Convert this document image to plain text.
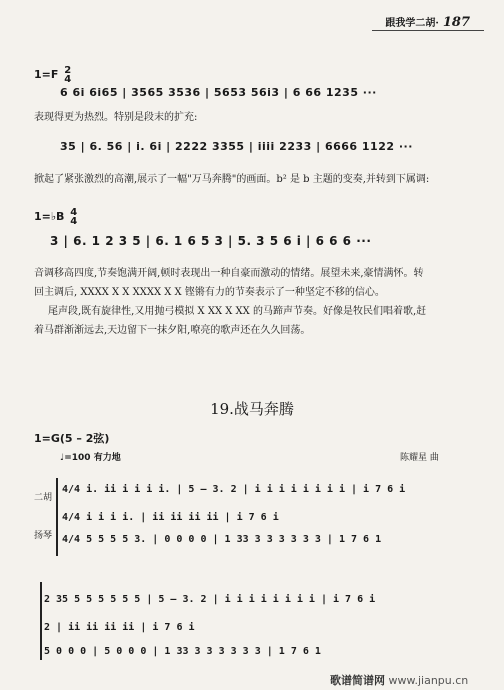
跟我学二胡· 187
1=F 2
4
6 6i 6i65 | 3565 3536 | 5653 56i3 | 6 66 1235 ···
表现得更为热烈。特别是段末的扩充:
35 | 6. 56 | i. 6i | 2222 3355 | iiii 2233 | 6666 1122 ···
掀起了紧张激烈的高潮,展示了一幅"万马奔腾"的画面。b² 是 b 主题的变奏,并转到下属调:
1=♭B 4
4
3 | 6. 1 2 3 5 | 6. 1 6 5 3 | 5. 3 5 6 i | 6 6 6 ···
音调移高四度,节奏饱满开阔,顿时表现出一种自豪而激动的情绪。展望未来,豪情满怀。转
回主调后, XXXX X X XXXX X X 铿锵有力的节奏表示了一种坚定不移的信心。
尾声段,既有旋律性,又用抛弓模拟 X XX X XX 的马蹄声节奏。好像是牧民们唱着歌,赶
着马群渐渐远去,天边留下一抹夕阳,嘹亮的歌声还在久久回荡。
19.战马奔腾
1=G(5 – 2弦)
♩=100 有力地	陈耀星 曲
二胡
扬琴
4/4 i. ii i i i i. | 5 – 3. 2 | i i i i i i i i | i 7 6 i
4/4 i i i i. | ii ii ii ii | i 7 6 i
4/4 5 5 5 5 3. | 0 0 0 0 | 1 33 3 3 3 3 3 3 | 1 7 6 1
2 35 5 5 5 5 5 5 | 5 – 3. 2 | i i i i i i i i | i 7 6 i
2 | ii ii ii ii | i 7 6 i
5 0 0 0 | 5 0 0 0 | 1 33 3 3 3 3 3 3 | 1 7 6 1
歌谱简谱网 www.jianpu.cn
